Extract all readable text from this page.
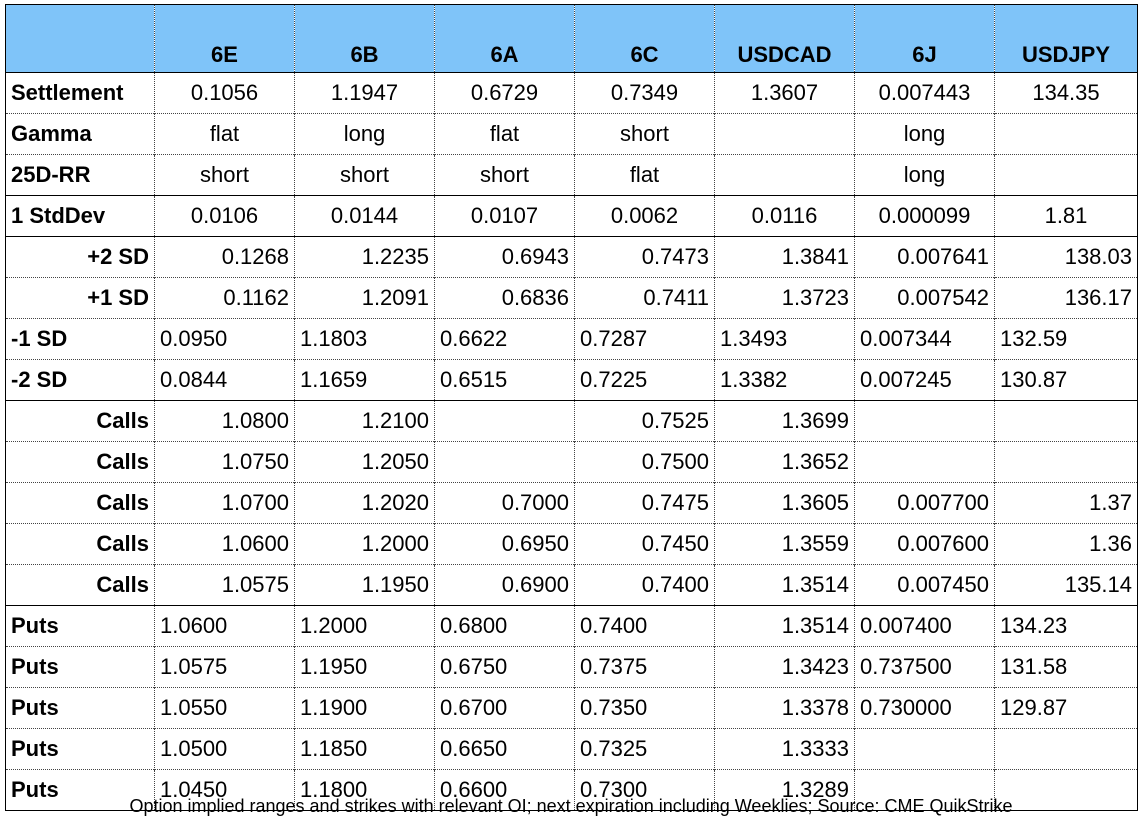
	6E	6B	6A	6C	USDCAD	6J	USDJPY
Settlement	0.1056	1.1947	0.6729	0.7349	1.3607	0.007443	134.35
Gamma	flat	long	flat	short		long	
25D-RR	short	short	short	flat		long	
1 StdDev	0.0106	0.0144	0.0107	0.0062	0.0116	0.000099	1.81
+2 SD	0.1268	1.2235	0.6943	0.7473	1.3841	0.007641	138.03
+1 SD	0.1162	1.2091	0.6836	0.7411	1.3723	0.007542	136.17
-1 SD	0.0950	1.1803	0.6622	0.7287	1.3493	0.007344	132.59
-2 SD	0.0844	1.1659	0.6515	0.7225	1.3382	0.007245	130.87
Calls	1.0800	1.2100		0.7525	1.3699		
Calls	1.0750	1.2050		0.7500	1.3652		
Calls	1.0700	1.2020	0.7000	0.7475	1.3605	0.007700	1.37
Calls	1.0600	1.2000	0.6950	0.7450	1.3559	0.007600	1.36
Calls	1.0575	1.1950	0.6900	0.7400	1.3514	0.007450	135.14
Puts	1.0600	1.2000	0.6800	0.7400	1.3514	0.007400	134.23
Puts	1.0575	1.1950	0.6750	0.7375	1.3423	0.737500	131.58
Puts	1.0550	1.1900	0.6700	0.7350	1.3378	0.730000	129.87
Puts	1.0500	1.1850	0.6650	0.7325	1.3333		
Puts	1.0450	1.1800	0.6600	0.7300	1.3289		
Option implied ranges and strikes with relevant OI; next expiration including Weeklies; Source: CME QuikStrike
